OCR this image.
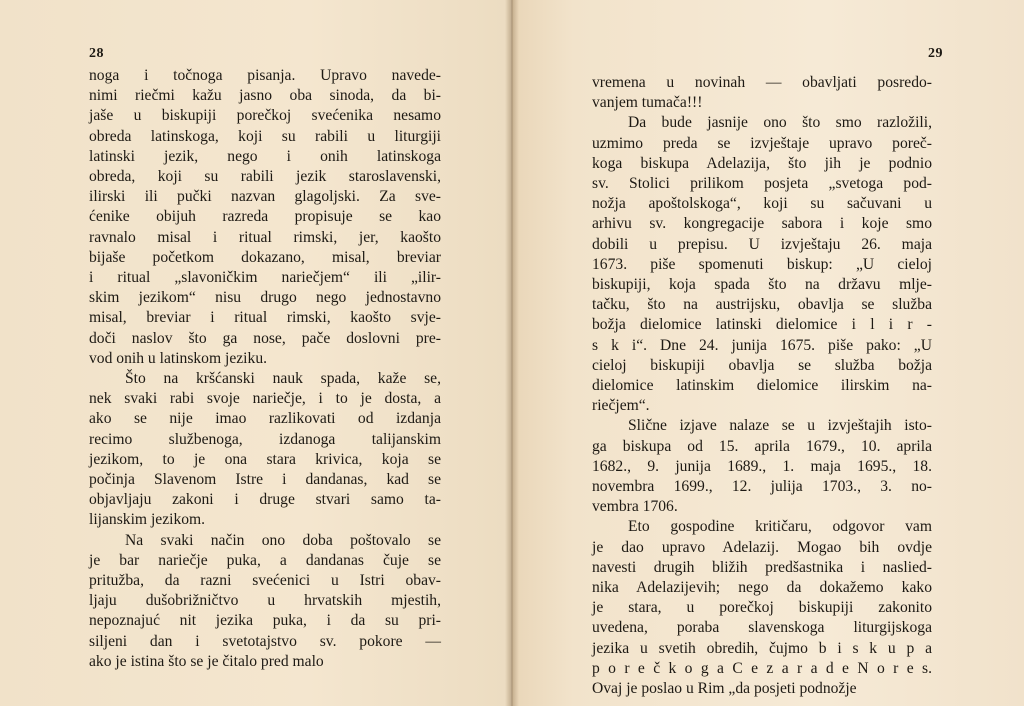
28

noga i točnoga pisanja. Upravo navede-
nimi riečmi kažu jasno oba sinoda, da bi-
jaše u biskupiji porečkoj svećenika nesamo
obreda latinskoga, koji su rabili u liturgiji
latinski jezik, nego i onih latinskoga
obreda, koji su rabili jezik staroslavenski,
ilirski ili pučki nazvan glagoljski. Za sve-
ćenike obijuh razreda propisuje se kao
ravnalo misal i ritual rimski, jer, kaošto
bijaše početkom dokazano, misal, breviar
i ritual „slavoničkim nariečjem“ ili „ilir-
skim jezikom“ nisu drugo nego jednostavno
misal, breviar i ritual rimski, kaošto svje-
doči naslov što ga nose, pače doslovni pre-
vod onih u latinskom jeziku.

Što na kršćanski nauk spada, kaže se,
nek svaki rabi svoje nariečje, i to je dosta, a
ako se nije imao razlikovati od izdanja
recimo službenoga, izdanoga talijanskim
jezikom, to je ona stara krivica, koja se
počinja Slavenom Istre i dandanas, kad se
objavljaju zakoni i druge stvari samo ta-
lijanskim jezikom.

Na svaki način ono doba poštovalo se
je bar nariečje puka, a dandanas čuje se
pritužba, da razni svećenici u Istri obav-
ljaju dušobrižničtvo u hrvatskih mjestih,
nepoznajuć nit jezika puka, i da su pri-
siljeni dan i svetotajstvo sv. pokore —
ako je istina što se je čitalo pred malo

29

vremena u novinah — obavljati posredo-
vanjem tumača!!!

Da bude jasnije ono što smo razložili,
uzmimo preda se izvještaje upravo poreč-
koga biskupa Adelazija, što jih je podnio
sv. Stolici prilikom posjeta „svetoga pod-
nožja apoštolskoga“, koji su sačuvani u
arhivu sv. kongregacije sabora i koje smo
dobili u prepisu. U izvještaju 26. maja
1673. piše spomenuti biskup: „U cieloj
biskupiji, koja spada što na državu mlje-
tačku, što na austrijsku, obavlja se služba
božja dielomice latinski dielomice i l i r -
s k i“. Dne 24. junija 1675. piše pako: „U
cieloj biskupiji obavlja se služba božja
dielomice latinskim dielomice ilirskim na-
riečjem“.

Slične izjave nalaze se u izvještajih isto-
ga biskupa od 15. aprila 1679., 10. aprila
1682., 9. junija 1689., 1. maja 1695., 18.
novembra 1699., 12. julija 1703., 3. no-
vembra 1706.

Eto gospodine kritičaru, odgovor vam
je dao upravo Adelazij. Mogao bih ovdje
navesti drugih bližih predšastnika i naslied-
nika Adelazijevih; nego da dokažemo kako
je stara, u porečkoj biskupiji zakonito
uvedena, poraba slavenskoga liturgijskoga
jezika u svetih obredih, čujmo b i s k u p a
p o r e č k o g a C e z a r a d e N o r e s.
Ovaj je poslao u Rim „da posjeti podnožje
